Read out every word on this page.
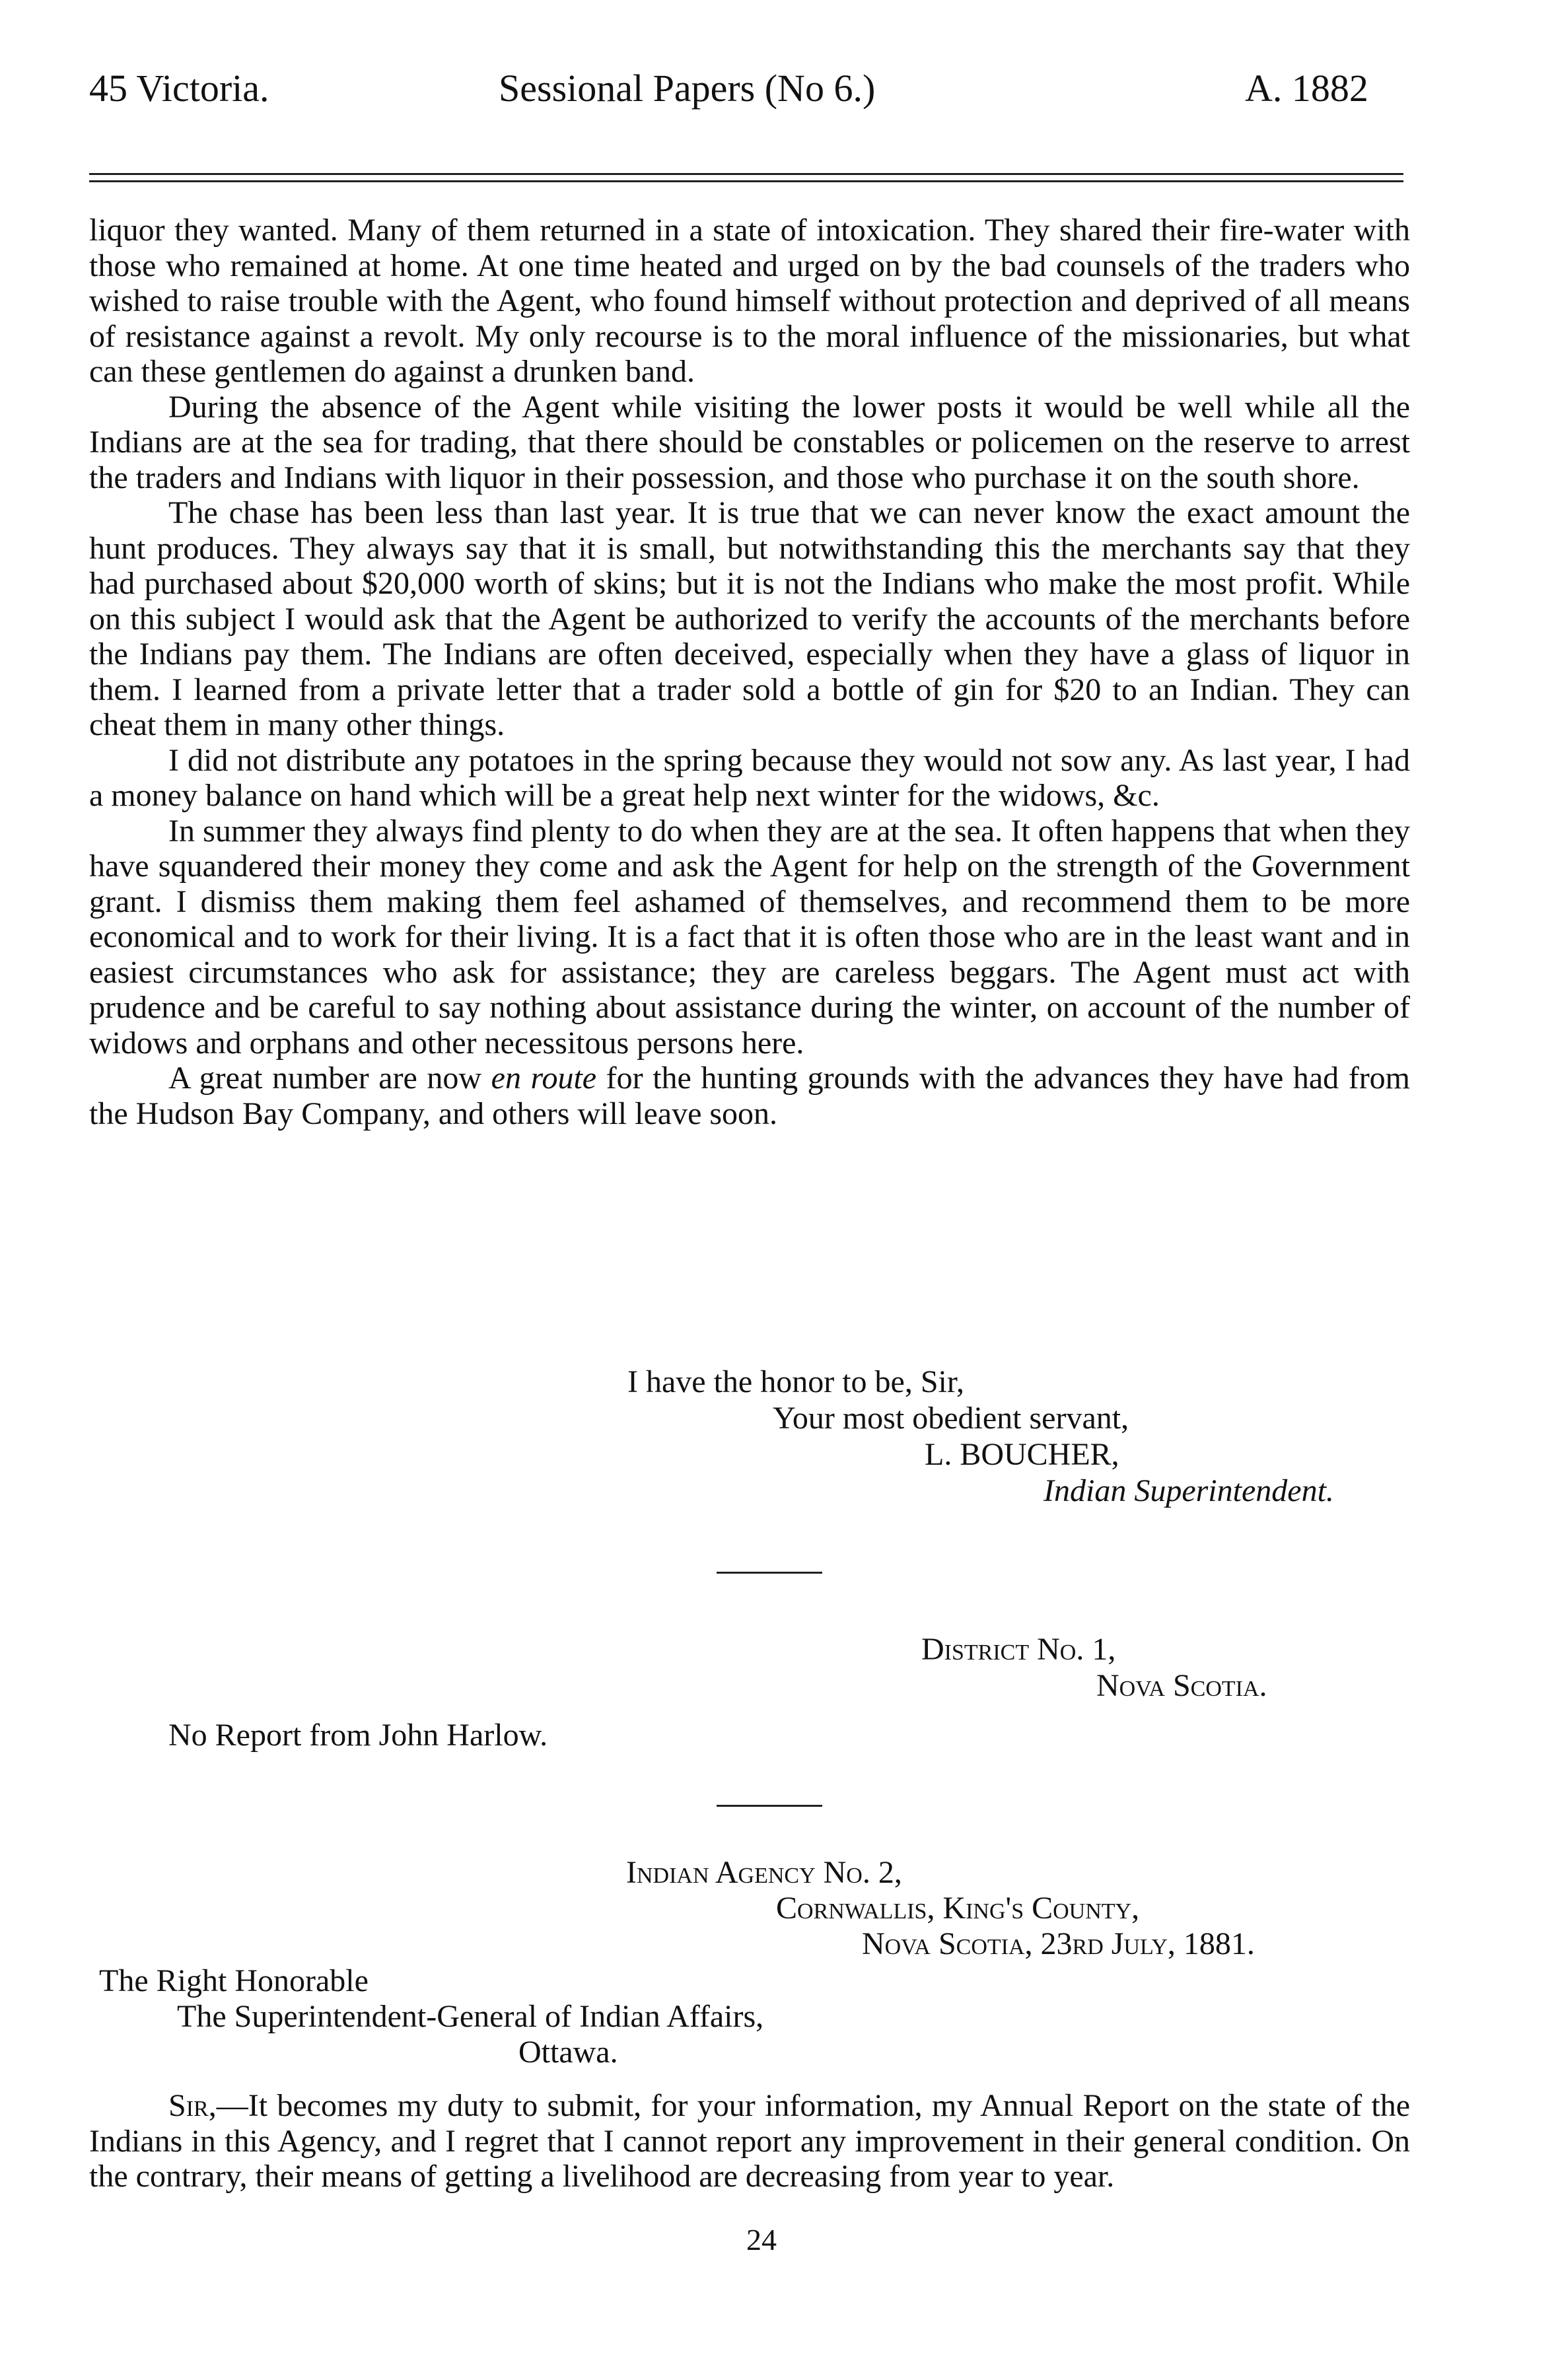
45 Victoria.	Sessional Papers (No 6.)	A. 1882

liquor they wanted. Many of them returned in a state of intoxication. They shared their fire-water with those who remained at home. At one time heated and urged on by the bad counsels of the traders who wished to raise trouble with the Agent, who found himself without protection and deprived of all means of resistance against a revolt. My only recourse is to the moral influence of the missionaries, but what can these gentlemen do against a drunken band.

During the absence of the Agent while visiting the lower posts it would be well while all the Indians are at the sea for trading, that there should be constables or policemen on the reserve to arrest the traders and Indians with liquor in their possession, and those who purchase it on the south shore.

The chase has been less than last year. It is true that we can never know the exact amount the hunt produces. They always say that it is small, but notwithstanding this the merchants say that they had purchased about $20,000 worth of skins; but it is not the Indians who make the most profit. While on this subject I would ask that the Agent be authorized to verify the accounts of the merchants before the Indians pay them. The Indians are often deceived, especially when they have a glass of liquor in them. I learned from a private letter that a trader sold a bottle of gin for $20 to an Indian. They can cheat them in many other things.

I did not distribute any potatoes in the spring because they would not sow any. As last year, I had a money balance on hand which will be a great help next winter for the widows, &c.

In summer they always find plenty to do when they are at the sea. It often happens that when they have squandered their money they come and ask the Agent for help on the strength of the Government grant. I dismiss them making them feel ashamed of themselves, and recommend them to be more economical and to work for their living. It is a fact that it is often those who are in the least want and in easiest circumstances who ask for assistance; they are careless beggars. The Agent must act with prudence and be careful to say nothing about assistance during the winter, on account of the number of widows and orphans and other necessitous persons here.

A great number are now en route for the hunting grounds with the advances they have had from the Hudson Bay Company, and others will leave soon.

I have the honor to be, Sir,
Your most obedient servant,
L. BOUCHER,
Indian Superintendent.
District No. 1,
Nova Scotia.
No Report from John Harlow.
Indian Agency No. 2,
Cornwallis, King's County,
Nova Scotia, 23rd July, 1881.
The Right Honorable
The Superintendent-General of Indian Affairs,
Ottawa.

Sir,—It becomes my duty to submit, for your information, my Annual Report on the state of the Indians in this Agency, and I regret that I cannot report any improvement in their general condition. On the contrary, their means of getting a livelihood are decreasing from year to year.

24
